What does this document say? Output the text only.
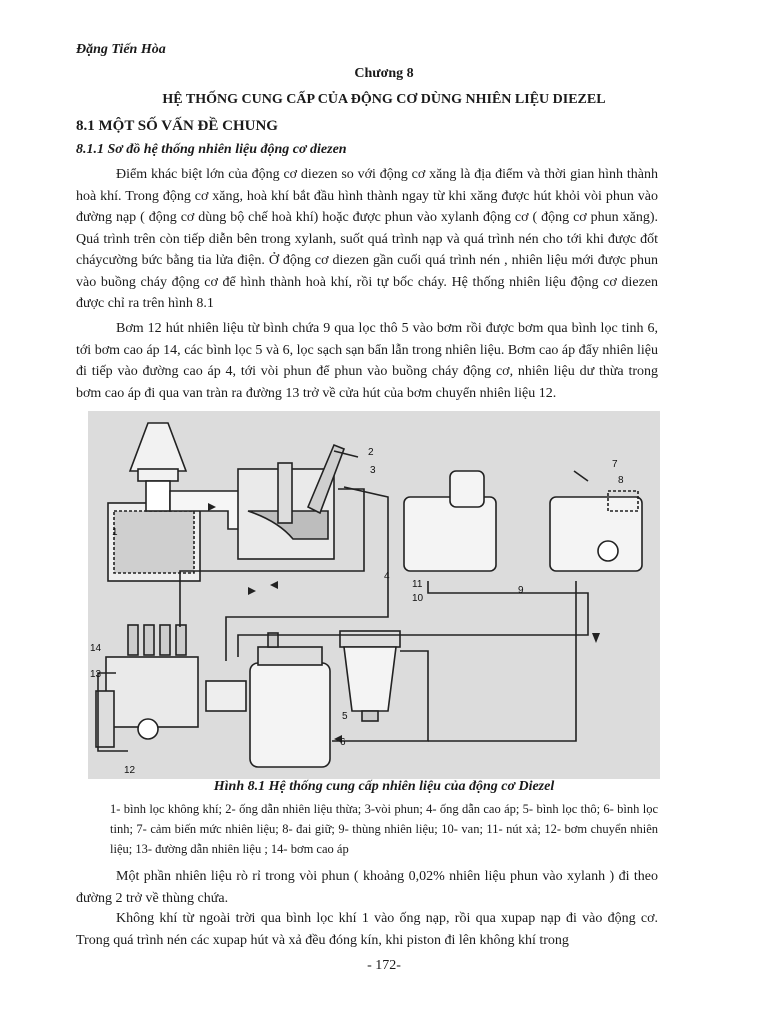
Đặng Tiến Hòa
Chương 8
HỆ THỐNG CUNG CẤP CỦA ĐỘNG CƠ DÙNG NHIÊN LIỆU DIEZEL
8.1 MỘT SỐ VẤN ĐỀ CHUNG
8.1.1 Sơ đồ hệ thống nhiên liệu động cơ diezen

Điểm khác biệt lớn của động cơ diezen so với động cơ xăng là địa điểm và thời gian hình thành hoà khí. Trong động cơ xăng, hoà khí bắt đầu hình thành ngay từ khi xăng được hút khỏi vòi phun vào đường nạp ( động cơ dùng bộ chế hoà khí) hoặc được phun vào xylanh động cơ ( động cơ phun xăng). Quá trình trên còn tiếp diễn bên trong xylanh, suốt quá trình nạp và quá trình nén cho tới khi được đốt cháycường bức bằng tia lửa điện. Ở động cơ diezen gần cuối quá trình nén , nhiên liệu mới được phun vào buồng cháy động cơ để hình thành hoà khí, rồi tự bốc cháy. Hệ thống nhiên liệu động cơ diezen được chỉ ra trên hình 8.1

Bơm 12 hút nhiên liệu từ bình chứa 9 qua lọc thô 5 vào bơm rồi được bơm qua bình lọc tinh 6, tới bơm cao áp 14, các bình lọc 5 và 6, lọc sạch sạn bẩn lẫn trong nhiên liệu. Bơm cao áp đẩy nhiên liệu đi tiếp vào đường cao áp 4, tới vòi phun để phun vào buồng cháy động cơ, nhiên liệu dư thừa trong bơm cao áp đi qua van tràn ra đường 13 trở về cửa hút của bơm chuyển nhiên liệu 12.

1
2
3
4
5
6
7
8
9
10
11
12
13
14
Hình 8.1 Hệ thống cung cấp nhiên liệu của động cơ Diezel

1- bình lọc không khí; 2- ống dẫn nhiên liệu thừa; 3-vòi phun; 4- ống dẫn cao áp; 5- bình lọc thô; 6- bình lọc tinh; 7- cảm biến mức nhiên liệu; 8- đai giữ; 9- thùng nhiên liệu; 10- van; 11- nút xả; 12- bơm chuyển nhiên liệu; 13- đường dẫn nhiên liệu ; 14- bơm cao áp

Một phần nhiên liệu rò rỉ trong vòi phun ( khoảng 0,02% nhiên liệu phun vào xylanh ) đi theo đường 2 trở về thùng chứa.

Không khí từ ngoài trời qua bình lọc khí 1 vào ống nạp, rồi qua xupap nạp đi vào động cơ. Trong quá trình nén các xupap hút và xả đều đóng kín, khi piston đi lên không khí trong

- 172-
